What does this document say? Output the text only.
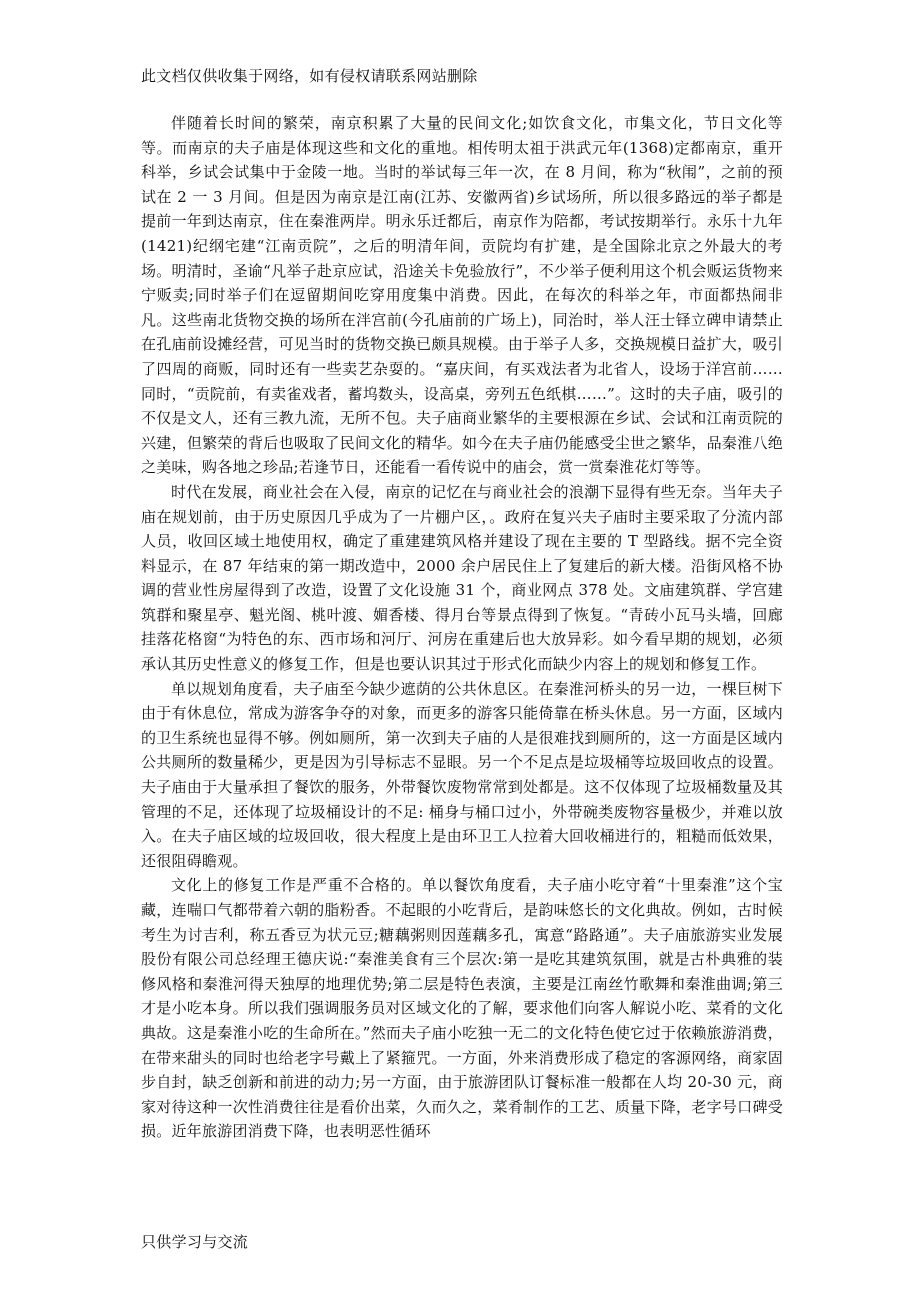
此文档仅供收集于网络，如有侵权请联系网站删除

伴随着长时间的繁荣，南京积累了大量的民间文化;如饮食文化，市集文化，节日文化等等。而南京的夫子庙是体现这些和文化的重地。相传明太祖于洪武元年(1368)定都南京，重开科举，乡试会试集中于金陵一地。当时的举试每三年一次，在 8 月间，称为“秋闱”，之前的预试在 2 一 3 月间。但是因为南京是江南(江苏、安徽两省)乡试场所，所以很多路远的举子都是提前一年到达南京，住在秦淮两岸。明永乐迁都后，南京作为陪都，考试按期举行。永乐十九年(1421)纪纲宅建“江南贡院”，之后的明清年间，贡院均有扩建，是全国除北京之外最大的考场。明清时，圣谕“凡举子赴京应试，沿途关卡免验放行”，不少举子便利用这个机会贩运货物来宁贩卖;同时举子们在逗留期间吃穿用度集中消费。因此，在每次的科举之年，市面都热闹非凡。这些南北货物交换的场所在泮宫前(今孔庙前的广场上)，同治时，举人汪士铎立碑申请禁止在孔庙前设摊经营，可见当时的货物交换已颇具规模。由于举子人多，交换规模日益扩大，吸引了四周的商贩，同时还有一些卖艺杂耍的。“嘉庆间，有买戏法者为北省人，设场于洋宫前……同时，“贡院前，有卖雀戏者，蓄坞数头，设高桌，旁列五色纸棋……”。这时的夫子庙，吸引的不仅是文人，还有三教九流，无所不包。夫子庙商业繁华的主要根源在乡试、会试和江南贡院的兴建，但繁荣的背后也吸取了民间文化的精华。如今在夫子庙仍能感受尘世之繁华，品秦淮八绝之美味，购各地之珍品;若逢节日，还能看一看传说中的庙会，赏一赏秦淮花灯等等。

时代在发展，商业社会在入侵，南京的记忆在与商业社会的浪潮下显得有些无奈。当年夫子庙在规划前，由于历史原因几乎成为了一片棚户区，。政府在复兴夫子庙时主要采取了分流内部人员，收回区域土地使用权，确定了重建建筑风格并建设了现在主要的 T 型路线。据不完全资料显示，在 87 年结束的第一期改造中，2000 余户居民住上了复建后的新大楼。沿街风格不协调的营业性房屋得到了改造，设置了文化设施 31 个，商业网点 378 处。文庙建筑群、学宫建筑群和聚星亭、魁光阁、桃叶渡、媚香楼、得月台等景点得到了恢复。“青砖小瓦马头墙，回廊挂落花格窗“为特色的东、西市场和河厅、河房在重建后也大放异彩。如今看早期的规划，必须承认其历史性意义的修复工作，但是也要认识其过于形式化而缺少内容上的规划和修复工作。

单以规划角度看，夫子庙至今缺少遮荫的公共休息区。在秦淮河桥头的另一边，一棵巨树下由于有休息位，常成为游客争夺的对象，而更多的游客只能倚靠在桥头休息。另一方面，区域内的卫生系统也显得不够。例如厕所，第一次到夫子庙的人是很难找到厕所的，这一方面是区域内公共厕所的数量稀少，更是因为引导标志不显眼。另一个不足点是垃圾桶等垃圾回收点的设置。夫子庙由于大量承担了餐饮的服务，外带餐饮废物常常到处都是。这不仅体现了垃圾桶数量及其管理的不足，还体现了垃圾桶设计的不足: 桶身与桶口过小，外带碗类废物容量极少，并难以放入。在夫子庙区域的垃圾回收，很大程度上是由环卫工人拉着大回收桶进行的，粗糙而低效果，还很阻碍瞻观。

文化上的修复工作是严重不合格的。单以餐饮角度看，夫子庙小吃守着“十里秦淮”这个宝藏，连喘口气都带着六朝的脂粉香。不起眼的小吃背后，是韵味悠长的文化典故。例如，古时候考生为讨吉利，称五香豆为状元豆;糖藕粥则因莲藕多孔，寓意“路路通”。夫子庙旅游实业发展股份有限公司总经理王德庆说:“秦淮美食有三个层次:第一是吃其建筑氛围，就是古朴典雅的装修风格和秦淮河得天独厚的地理优势;第二层是特色表演，主要是江南丝竹歌舞和秦淮曲调;第三才是小吃本身。所以我们强调服务员对区域文化的了解，要求他们向客人解说小吃、菜肴的文化典故。这是秦淮小吃的生命所在。”然而夫子庙小吃独一无二的文化特色使它过于依赖旅游消费，在带来甜头的同时也给老字号戴上了紧箍咒。一方面，外来消费形成了稳定的客源网络，商家固步自封，缺乏创新和前进的动力;另一方面，由于旅游团队订餐标准一般都在人均 20-30 元，商家对待这种一次性消费往往是看价出菜，久而久之，菜肴制作的工艺、质量下降，老字号口碑受损。近年旅游团消费下降，也表明恶性循环

只供学习与交流
